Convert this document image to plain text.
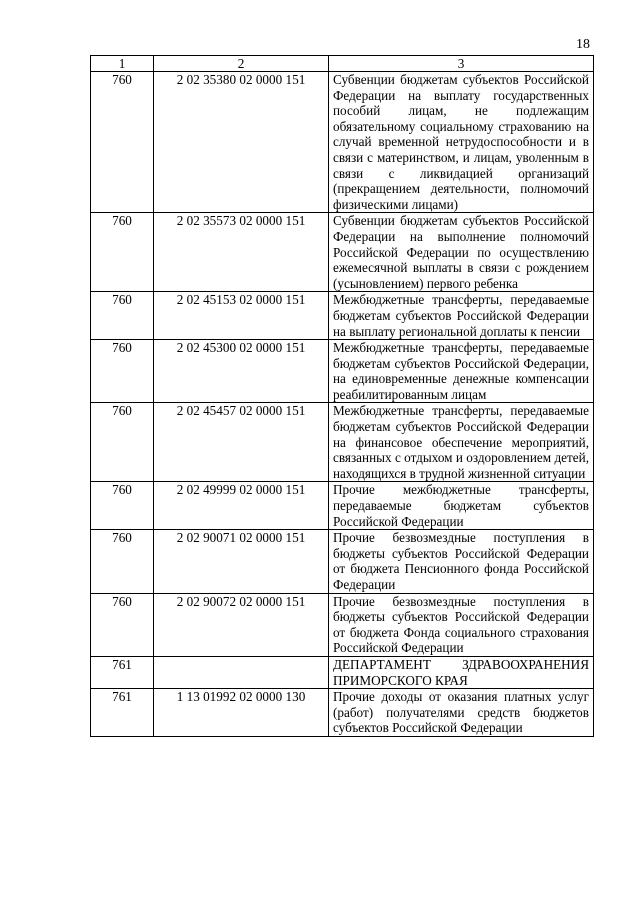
18
1	2	3
760	2 02 35380 02 0000 151	Субвенции бюджетам субъектов Российской Федерации на выплату государственных пособий лицам, не подлежащим обязательному социальному страхованию на случай временной нетрудоспособности и в связи с материнством, и лицам, уволенным в связи с ликвидацией организаций (прекращением деятельности, полномочий физическими лицами)
760	2 02 35573 02 0000 151	Субвенции бюджетам субъектов Российской Федерации на выполнение полномочий Российской Федерации по осуществлению ежемесячной выплаты в связи с рождением (усыновлением) первого ребенка
760	2 02 45153 02 0000 151	Межбюджетные трансферты, передаваемые бюджетам субъектов Российской Федерации на выплату региональной доплаты к пенсии
760	2 02 45300 02 0000 151	Межбюджетные трансферты, передаваемые бюджетам субъектов Российской Федерации, на единовременные денежные компенсации реабилитированным лицам
760	2 02 45457 02 0000 151	Межбюджетные трансферты, передаваемые бюджетам субъектов Российской Федерации на финансовое обеспечение мероприятий, связанных с отдыхом и оздоровлением детей, находящихся в трудной жизненной ситуации
760	2 02 49999 02 0000 151	Прочие межбюджетные трансферты, передаваемые бюджетам субъектов Российской Федерации
760	2 02 90071 02 0000 151	Прочие безвозмездные поступления в бюджеты субъектов Российской Федерации от бюджета Пенсионного фонда Российской Федерации
760	2 02 90072 02 0000 151	Прочие безвозмездные поступления в бюджеты субъектов Российской Федерации от бюджета Фонда социального страхования Российской Федерации
761		ДЕПАРТАМЕНТ ЗДРАВООХРАНЕНИЯ ПРИМОРСКОГО КРАЯ
761	1 13 01992 02 0000 130	Прочие доходы от оказания платных услуг (работ) получателями средств бюджетов субъектов Российской Федерации
